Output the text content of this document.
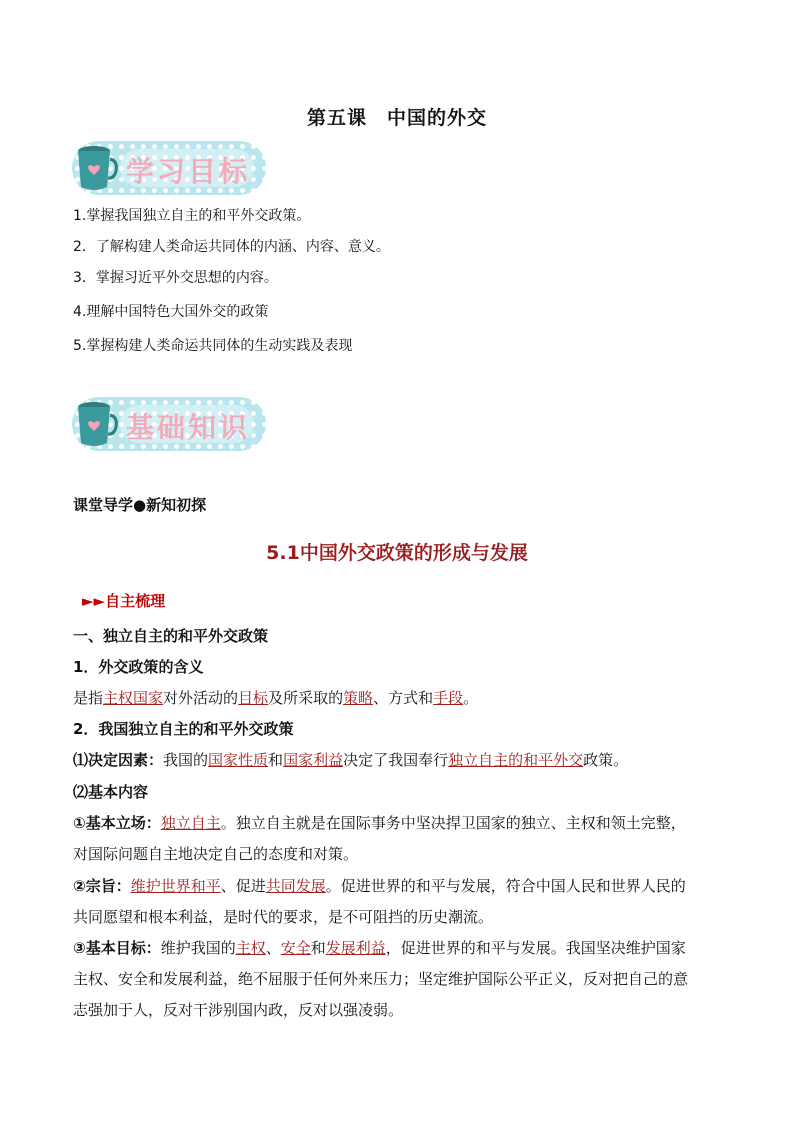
第五课　中国的外交
学习目标
1.掌握我国独立自主的和平外交政策。
2．了解构建人类命运共同体的内涵、内容、意义。
3．掌握习近平外交思想的内容。
4.理解中国特色大国外交的政策
5.掌握构建人类命运共同体的生动实践及表现
基础知识
课堂导学●新知初探
5.1中国外交政策的形成与发展
►►自主梳理
一、独立自主的和平外交政策
1．外交政策的含义
是指主权国家对外活动的目标及所采取的策略、方式和手段。
2．我国独立自主的和平外交政策
⑴决定因素：我国的国家性质和国家利益决定了我国奉行独立自主的和平外交政策。
⑵基本内容
①基本立场：独立自主。独立自主就是在国际事务中坚决捍卫国家的独立、主权和领土完整，
对国际问题自主地决定自己的态度和对策。
②宗旨：维护世界和平、促进共同发展。促进世界的和平与发展，符合中国人民和世界人民的
共同愿望和根本利益，是时代的要求，是不可阻挡的历史潮流。
③基本目标：维护我国的主权、安全和发展利益，促进世界的和平与发展。我国坚决维护国家
主权、安全和发展利益，绝不屈服于任何外来压力；坚定维护国际公平正义，反对把自己的意
志强加于人，反对干涉别国内政，反对以强凌弱。
